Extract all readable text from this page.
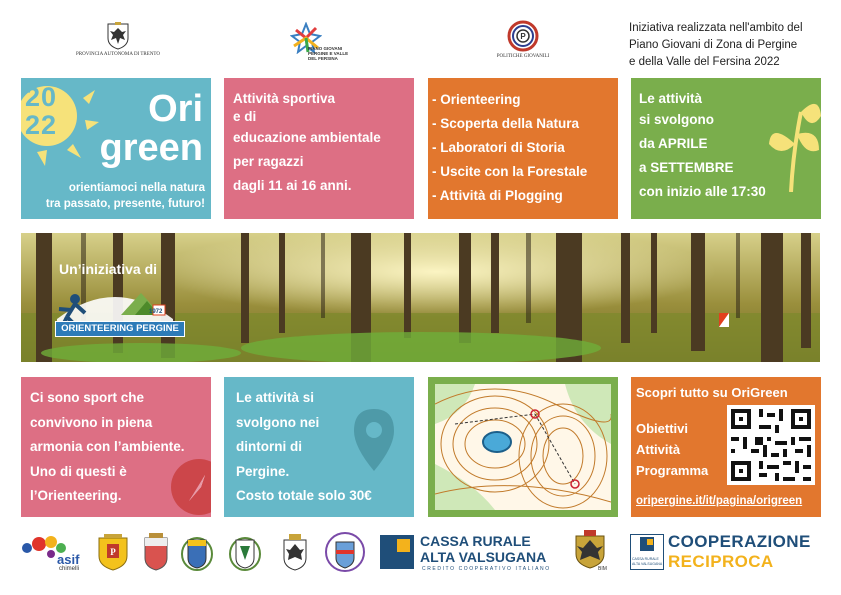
PROVINCIA AUTONOMA DI TRENTO
PIANO GIOVANI
PERGINE E VALLE
DEL FERSINA
P
POLITICHE GIOVANILI
Iniziativa realizzata nell'ambito del
Piano Giovani di Zona di Pergine
e della Valle del Fersina 2022
20
22 Ori
green
orientiamoci nella natura
tra passato, presente, futuro!
Attività sportiva
e di
educazione ambientale
per ragazzi
dagli 11 ai 16 anni.
- Orienteering
- Scoperta della Natura
- Laboratori di Storia
- Uscite con la Forestale
- Attività di Plogging
Le attività
si svolgono
da APRILE
a SETTEMBRE
con inizio alle 17:30
Un’iniziativa di
1972
ORIENTEERING PERGINE
Ci sono sport che
convivono in piena
armonia con l’ambiente.
Uno di questi è
l’Orienteering.
Le attività si
svolgono nei
dintorni di
Pergine.
Costo totale solo 30€
Scopri tutto su OriGreen
Obiettivi
Attività
Programma
oripergine.it/it/pagina/origreen
asif
chimelli
P
CASSA RURALE
ALTA VALSUGANA
CREDITO COOPERATIVO ITALIANO	BIM
CASSA RURALE
ALTA VALSUGANA
COOPERAZIONE
RECIPROCA
